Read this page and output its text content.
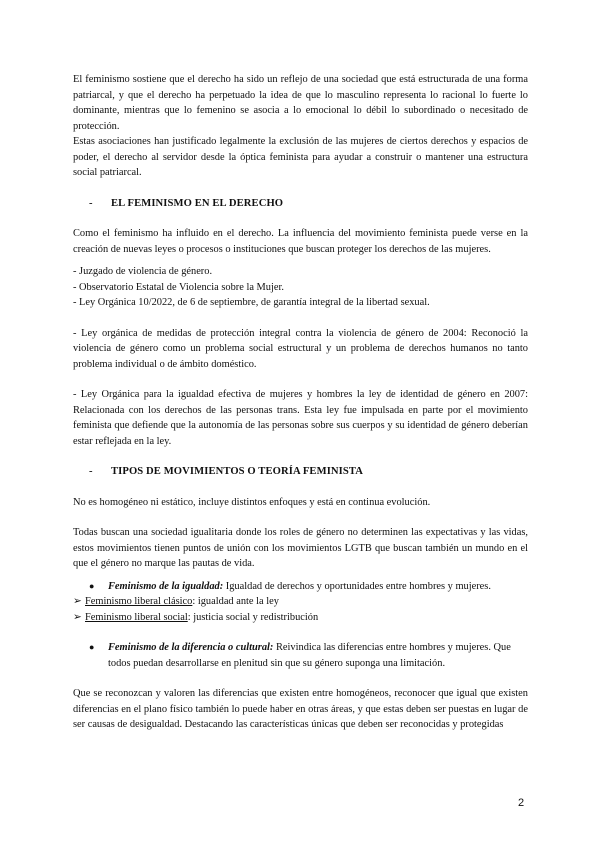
El feminismo sostiene que el derecho ha sido un reflejo de una sociedad que está estructurada de una forma patriarcal, y que el derecho ha perpetuado la idea de que lo masculino representa lo racional lo fuerte lo dominante, mientras que lo femenino se asocia a lo emocional lo débil lo subordinado o necesitado de protección.

Estas asociaciones han justificado legalmente la exclusión de las mujeres de ciertos derechos y espacios de poder, el derecho al servidor desde la óptica feminista para ayudar a construir o mantener una estructura social patriarcal.

-	EL FEMINISMO EN EL DERECHO

Como el feminismo ha influido en el derecho. La influencia del movimiento feminista puede verse en la creación de nuevas leyes o procesos o instituciones que buscan proteger los derechos de las mujeres.

- Juzgado de violencia de género.

- Observatorio Estatal de Violencia sobre la Mujer.

- Ley Orgánica 10/2022, de 6 de septiembre, de garantía integral de la libertad sexual.

- Ley orgánica de medidas de protección integral contra la violencia de género de 2004: Reconoció la violencia de género como un problema social estructural y un problema de derechos humanos no tanto problema individual o de ámbito doméstico.

- Ley Orgánica para la igualdad efectiva de mujeres y hombres la ley de identidad de género en 2007: Relacionada con los derechos de las personas trans. Esta ley fue impulsada en parte por el movimiento feminista que defiende que la autonomía de las personas sobre sus cuerpos y su identidad de género deberían estar reflejada en la ley.

-	TIPOS DE MOVIMIENTOS O TEORÍA FEMINISTA

No es homogéneo ni estático, incluye distintos enfoques y está en continua evolución.

Todas buscan una sociedad igualitaria donde los roles de género no determinen las expectativas y las vidas, estos movimientos tienen puntos de unión con los movimientos LGTB que buscan también un mundo en el que el género no marque las pautas de vida.

●	Feminismo de la igualdad: Igualdad de derechos y oportunidades entre hombres y mujeres.
➢ Feminismo liberal clásico: igualdad ante la ley
➢ Feminismo liberal social: justicia social y redistribución
●	Feminismo de la diferencia o cultural: Reivindica las diferencias entre hombres y mujeres. Que todos puedan desarrollarse en plenitud sin que su género suponga una limitación.

Que se reconozcan y valoren las diferencias que existen entre homogéneos, reconocer que igual que existen diferencias en el plano físico también lo puede haber en otras áreas, y que estas deben ser puestas en lugar de ser causas de desigualdad. Destacando las características únicas que deben ser reconocidas y protegidas

2
